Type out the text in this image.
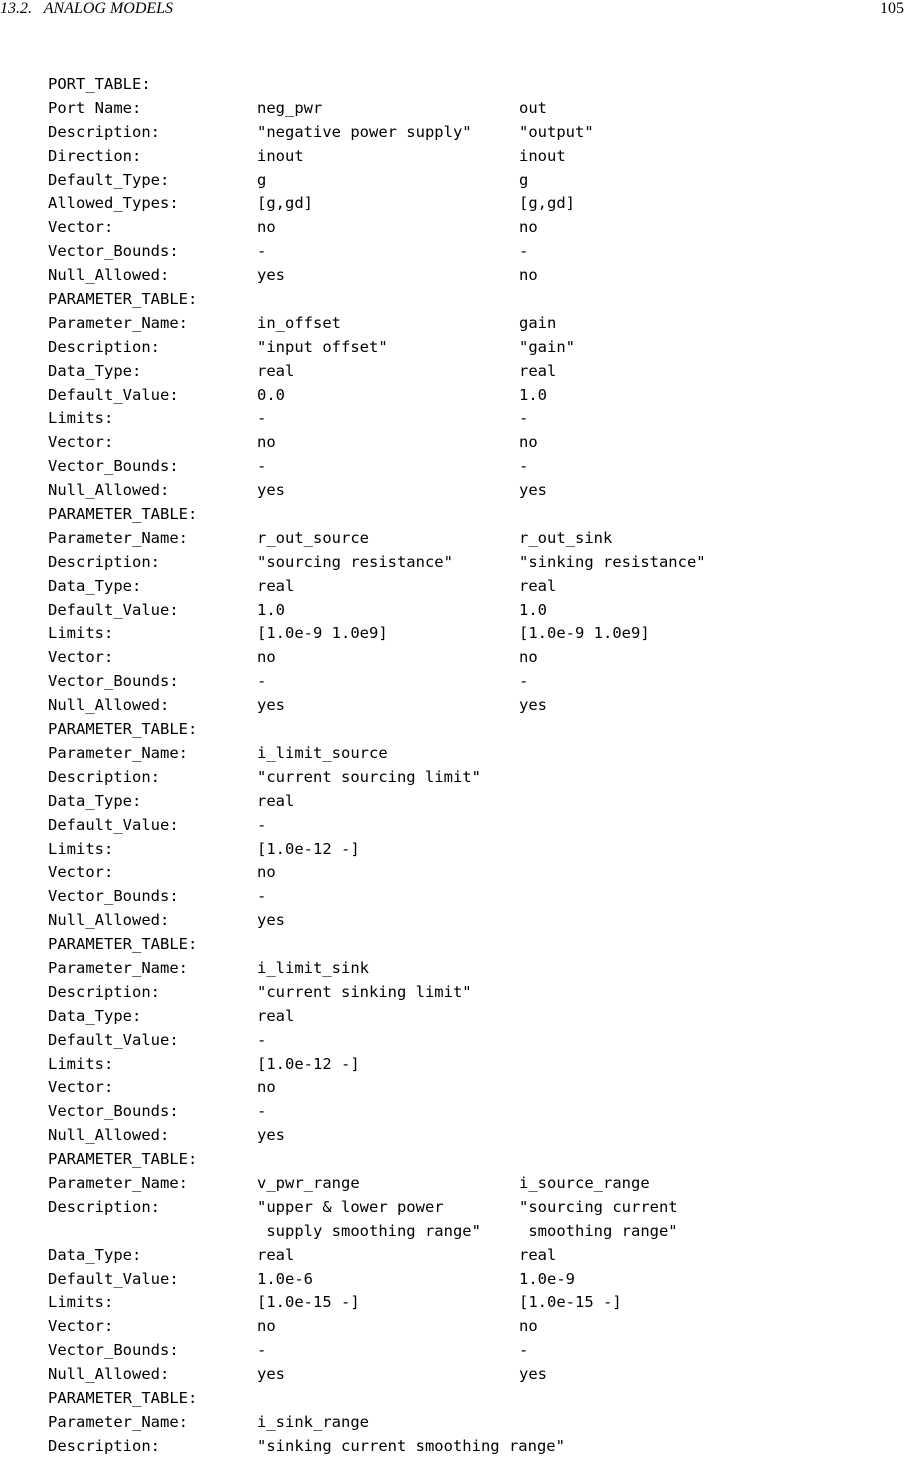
13.2.   ANALOG MODELS	105
PORT_TABLE:
Port Name:	neg_pwr	out
Description:	"negative power supply"	"output"
Direction:	inout	inout
Default_Type:	g	g
Allowed_Types:	[g,gd]	[g,gd]
Vector:	no	no
Vector_Bounds:	-	-
Null_Allowed:	yes	no
PARAMETER_TABLE:
Parameter_Name:	in_offset	gain
Description:	"input offset"	"gain"
Data_Type:	real	real
Default_Value:	0.0	1.0
Limits:	-	-
Vector:	no	no
Vector_Bounds:	-	-
Null_Allowed:	yes	yes
PARAMETER_TABLE:
Parameter_Name:	r_out_source	r_out_sink
Description:	"sourcing resistance"	"sinking resistance"
Data_Type:	real	real
Default_Value:	1.0	1.0
Limits:	[1.0e-9 1.0e9]	[1.0e-9 1.0e9]
Vector:	no	no
Vector_Bounds:	-	-
Null_Allowed:	yes	yes
PARAMETER_TABLE:
Parameter_Name:	i_limit_source
Description:	"current sourcing limit"
Data_Type:	real
Default_Value:	-
Limits:	[1.0e-12 -]
Vector:	no
Vector_Bounds:	-
Null_Allowed:	yes
PARAMETER_TABLE:
Parameter_Name:	i_limit_sink
Description:	"current sinking limit"
Data_Type:	real
Default_Value:	-
Limits:	[1.0e-12 -]
Vector:	no
Vector_Bounds:	-
Null_Allowed:	yes
PARAMETER_TABLE:
Parameter_Name:	v_pwr_range	i_source_range
Description:	"upper & lower power	"sourcing current
supply smoothing range" smoothing range"
Data_Type:	real	real
Default_Value:	1.0e-6	1.0e-9
Limits:	[1.0e-15 -]	[1.0e-15 -]
Vector:	no	no
Vector_Bounds:	-	-
Null_Allowed:	yes	yes
PARAMETER_TABLE:
Parameter_Name:	i_sink_range
Description:	"sinking current smoothing range"
